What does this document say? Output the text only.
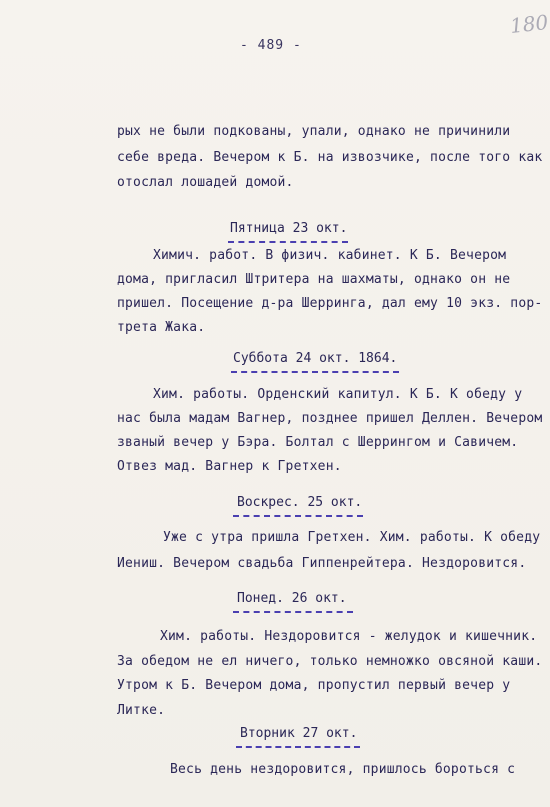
- 489 -
180
рых не были подкованы, упали, однако не причинили
себе вреда. Вечером к Б. на извозчике, после того как
отослал лошадей домой.
Пятница 23 окт.
Химич. работ. В физич. кабинет. К Б. Вечером
дома, пригласил Штритера на шахматы, однако он не
пришел. Посещение д-ра Шерринга, дал ему 10 экз. пор-
трета Жака.
Суббота 24 окт. 1864.
Хим. работы. Орденский капитул. К Б. К обеду у
нас была мадам Вагнер, позднее пришел Деллен. Вечером
званый вечер у Бэра. Болтал с Шеррингом и Савичем.
Отвез мад. Вагнер к Гретхен.
Воскрес. 25 окт.
Уже с утра пришла Гретхен. Хим. работы. К обеду
Иениш. Вечером свадьба Гиппенрейтера. Нездоровится.
Понед. 26 окт.
Хим. работы. Нездоровится - желудок и кишечник.
За обедом не ел ничего, только немножко овсяной каши.
Утром к Б. Вечером дома, пропустил первый вечер у
Литке.
Вторник 27 окт.
Весь день нездоровится, пришлось бороться с
